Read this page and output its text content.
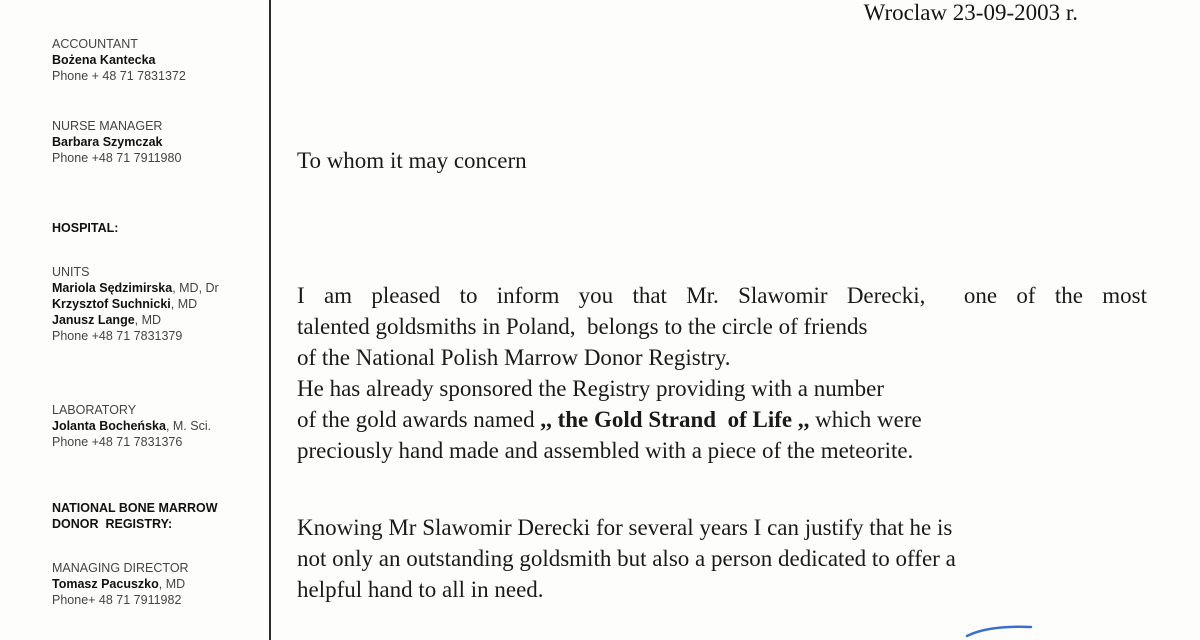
ACCOUNTANT
Bożena Kantecka
Phone + 48 71 7831372
NURSE MANAGER
Barbara Szymczak
Phone +48 71 7911980
HOSPITAL:
UNITS
Mariola Sędzimirska, MD, Dr
Krzysztof Suchnicki, MD
Janusz Lange, MD
Phone +48 71 7831379
LABORATORY
Jolanta Bocheńska, M. Sci.
Phone +48 71 7831376
NATIONAL BONE MARROW
DONOR  REGISTRY:
MANAGING DIRECTOR
Tomasz Pacuszko, MD
Phone+ 48 71 7911982
Wroclaw 23-09-2003 r.
To whom it may concern
I am pleased to inform you that Mr. Slawomir Derecki,  one of the most
talented goldsmiths in Poland,  belongs to the circle of friends
of the National Polish Marrow Donor Registry.
He has already sponsored the Registry providing with a number
of the gold awards named ,, the Gold Strand  of Life ,, which were
preciously hand made and assembled with a piece of the meteorite.
Knowing Mr Slawomir Derecki for several years I can justify that he is
not only an outstanding goldsmith but also a person dedicated to offer a
helpful hand to all in need.
